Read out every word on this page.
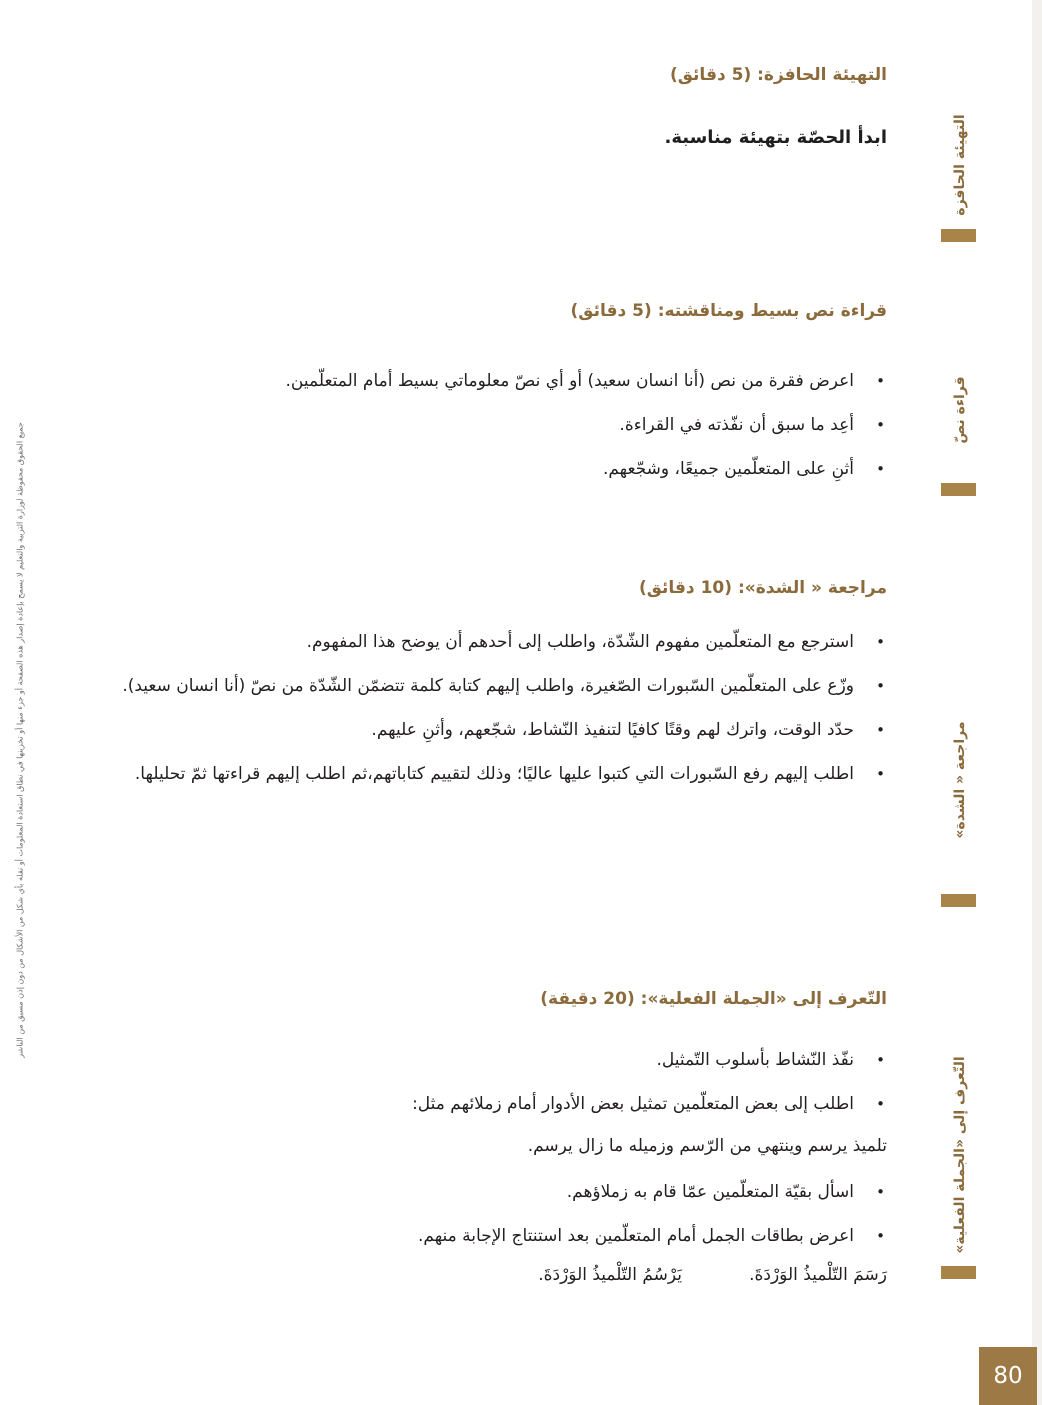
جميع الحقوق محفوظة لوزارة التربية والتعليم لا يسمح بإعادة إصدار هذه الصفحة أو جزء منها أو تخزينها في نطاق استعادة المعلومات أو نقله بأي شكل من الأشكال من دون إذن مسبق من الناشر
التهيئة الحافزة
التهيئة الحافزة: (5 دقائق)
ابدأ الحصّة بتهيئة مناسبة.
قراءة نصّ
قراءة نص بسيط ومناقشته: (5 دقائق)
• اعرض فقرة من نص (أنا انسان سعيد) أو أي نصّ معلوماتي بسيط أمام المتعلّمين.
• أعِد ما سبق أن نفّذته في القراءة.
• أثنِ على المتعلّمين جميعًا، وشجّعهم.
مراجعة « الشدة»
مراجعة « الشدة»: (10 دقائق)
• استرجع مع المتعلّمين مفهوم الشّدّة، واطلب إلى أحدهم أن يوضح هذا المفهوم.
• وزّع على المتعلّمين السّبورات الصّغيرة، واطلب إليهم كتابة كلمة تتضمّن الشّدّة من نصّ (أنا انسان سعيد).
• حدّد الوقت، واترك لهم وقتًا كافيًا لتنفيذ النّشاط، شجّعهم، وأثنِ عليهم.
• اطلب إليهم رفع السّبورات التي كتبوا عليها عاليًا؛ وذلك لتقييم كتاباتهم،ثم اطلب إليهم قراءتها ثمّ تحليلها.
التّعرف إلى «الجملة الفعلية»
التّعرف إلى «الجملة الفعلية»: (20 دقيقة)
• نفّذ النّشاط بأسلوب التّمثيل.
• اطلب إلى بعض المتعلّمين تمثيل بعض الأدوار أمام زملائهم مثل:
تلميذ يرسم وينتهي من الرّسم وزميله ما زال يرسم.
• اسأل بقيّة المتعلّمين عمّا قام به زملاؤهم.
• اعرض بطاقات الجمل أمام المتعلّمين بعد استنتاج الإجابة منهم.
رَسَمَ التّلْميذُ الوَرْدَةَ.
يَرْسُمُ التّلْميذُ الوَرْدَةَ.
80
